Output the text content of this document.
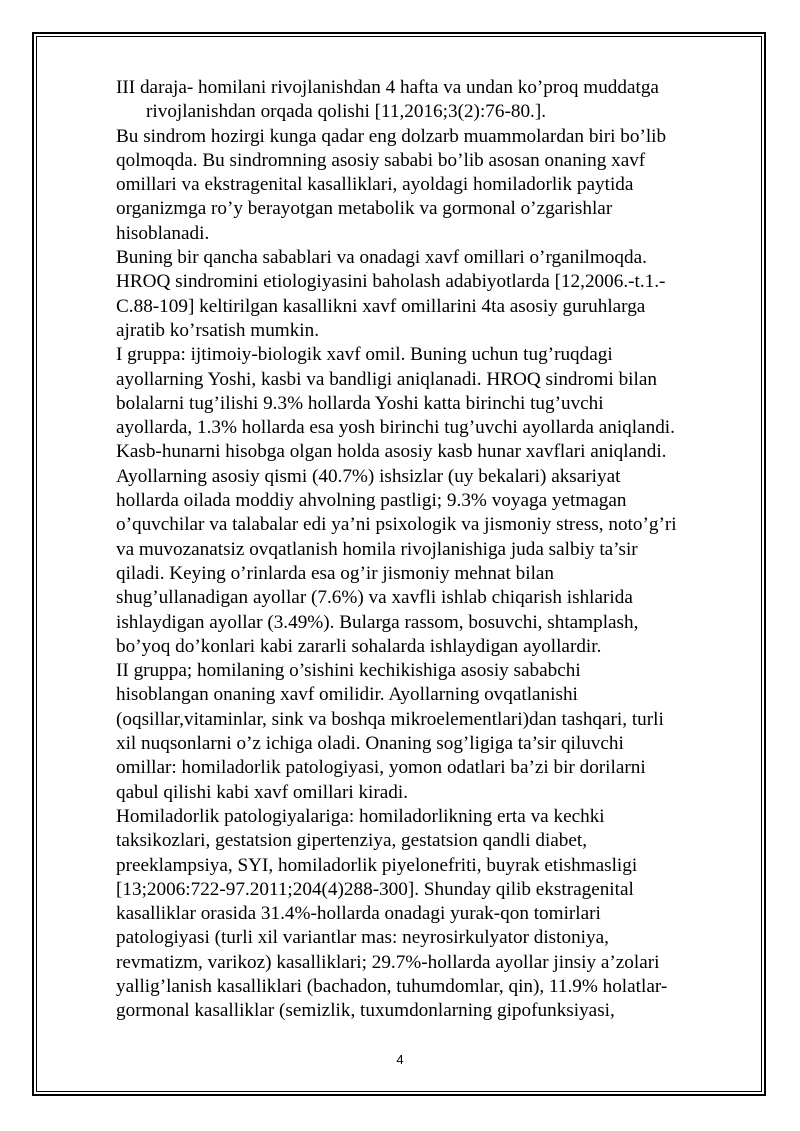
III daraja- homilani rivojlanishdan 4 hafta va undan ko’proq muddatga
rivojlanishdan orqada qolishi [11,2016;3(2):76-80.].
Bu sindrom hozirgi kunga qadar eng dolzarb muammolardan biri bo’lib
qolmoqda. Bu sindromning asosiy sababi bo’lib asosan onaning xavf
omillari va ekstragenital kasalliklari, ayoldagi homiladorlik paytida
organizmga ro’y berayotgan metabolik va gormonal o’zgarishlar
hisoblanadi.
Buning bir qancha sabablari va onadagi xavf omillari o’rganilmoqda.
HROQ sindromini etiologiyasini baholash adabiyotlarda [12,2006.-t.1.-
C.88-109] keltirilgan kasallikni xavf omillarini 4ta asosiy guruhlarga
ajratib ko’rsatish mumkin.
I gruppa: ijtimoiy-biologik xavf omil. Buning uchun tug’ruqdagi
ayollarning Yoshi, kasbi va bandligi aniqlanadi. HROQ sindromi bilan
bolalarni tug’ilishi 9.3% hollarda Yoshi katta birinchi tug’uvchi
ayollarda, 1.3% hollarda esa yosh birinchi tug’uvchi ayollarda aniqlandi.
Kasb-hunarni hisobga olgan holda asosiy kasb hunar xavflari aniqlandi.
Ayollarning asosiy qismi (40.7%) ishsizlar (uy bekalari) aksariyat
hollarda oilada moddiy ahvolning pastligi; 9.3% voyaga yetmagan
o’quvchilar va talabalar edi ya’ni psixologik va jismoniy stress, noto’g’ri
va muvozanatsiz ovqatlanish homila rivojlanishiga juda salbiy ta’sir
qiladi. Keying o’rinlarda esa og’ir jismoniy mehnat bilan
shug’ullanadigan ayollar (7.6%) va xavfli ishlab chiqarish ishlarida
ishlaydigan ayollar (3.49%). Bularga rassom, bosuvchi, shtamplash,
bo’yoq do’konlari kabi zararli sohalarda ishlaydigan ayollardir.
II gruppa; homilaning o’sishini kechikishiga asosiy sababchi
hisoblangan onaning xavf omilidir. Ayollarning ovqatlanishi
(oqsillar,vitaminlar, sink va boshqa mikroelementlari)dan tashqari, turli
xil nuqsonlarni o’z ichiga oladi. Onaning sog’ligiga ta’sir qiluvchi
omillar: homiladorlik patologiyasi, yomon odatlari ba’zi bir dorilarni
qabul qilishi kabi xavf omillari kiradi.
Homiladorlik patologiyalariga: homiladorlikning erta va kechki
taksikozlari, gestatsion gipertenziya, gestatsion qandli diabet,
preeklampsiya, SYI, homiladorlik piyelonefriti, buyrak etishmasligi
[13;2006:722-97.2011;204(4)288-300]. Shunday qilib ekstragenital
kasalliklar orasida 31.4%-hollarda onadagi yurak-qon tomirlari
patologiyasi (turli xil variantlar mas: neyrosirkulyator distoniya,
revmatizm, varikoz) kasalliklari; 29.7%-hollarda ayollar jinsiy a’zolari
yallig’lanish kasalliklari (bachadon, tuhumdomlar, qin), 11.9% holatlar-
gormonal kasalliklar (semizlik, tuxumdonlarning gipofunksiyasi,
4
